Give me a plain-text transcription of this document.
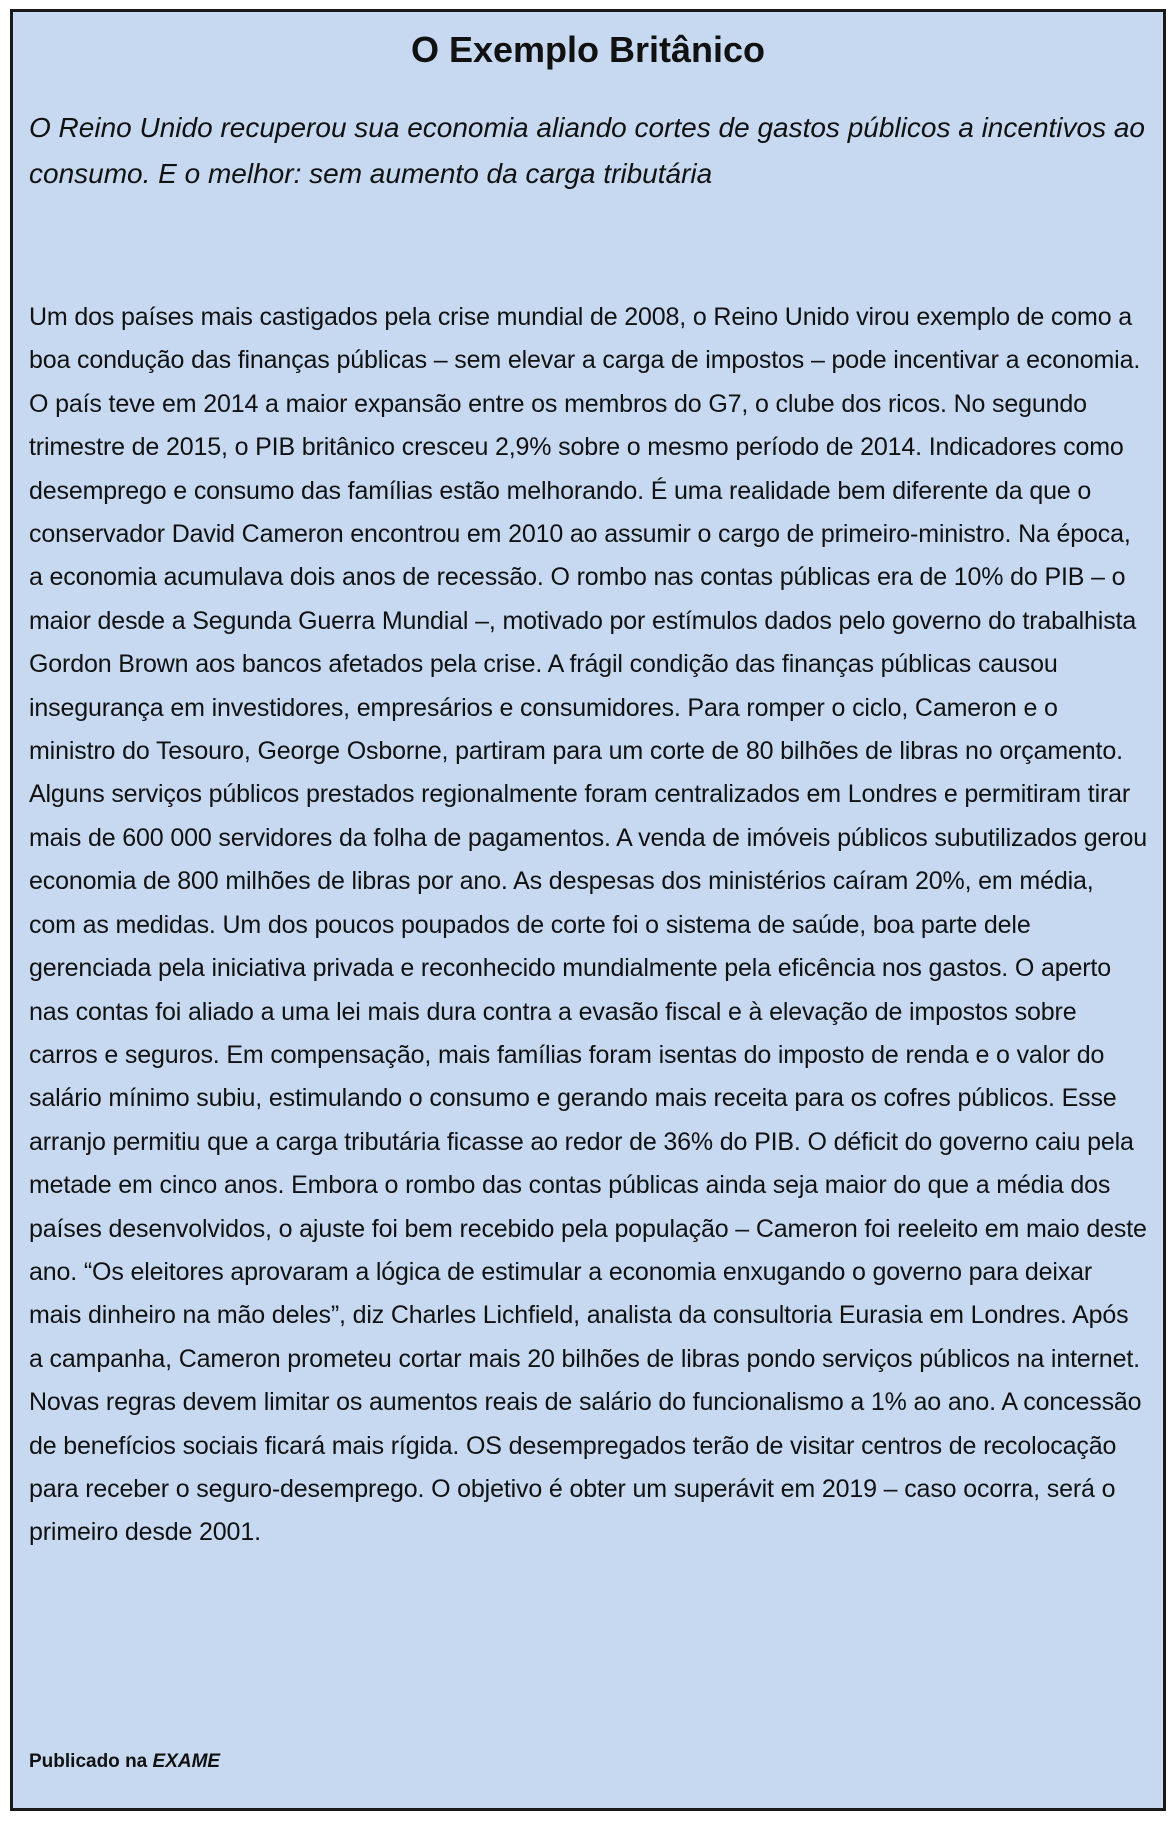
O Exemplo Britânico

O Reino Unido recuperou sua economia aliando cortes de gastos públicos a incentivos ao consumo. E o melhor: sem aumento da carga tributária

Um dos países mais castigados pela crise mundial de 2008, o Reino Unido virou exemplo de como a boa condução das finanças públicas – sem elevar a carga de impostos – pode incentivar a economia. O país teve em 2014 a maior expansão entre os membros do G7, o clube dos ricos. No segundo trimestre de 2015, o PIB britânico cresceu 2,9% sobre o mesmo período de 2014. Indicadores como desemprego e consumo das famílias estão melhorando. É uma realidade bem diferente da que o conservador David Cameron encontrou em 2010 ao assumir o cargo de primeiro-ministro. Na época, a economia acumulava dois anos de recessão. O rombo nas contas públicas era de 10% do PIB – o maior desde a Segunda Guerra Mundial –, motivado por estímulos dados pelo governo do trabalhista Gordon Brown aos bancos afetados pela crise. A frágil condição das finanças públicas causou insegurança em investidores, empresários e consumidores. Para romper o ciclo, Cameron e o ministro do Tesouro, George Osborne, partiram para um corte de 80 bilhões de libras no orçamento. Alguns serviços públicos prestados regionalmente foram centralizados em Londres e permitiram tirar mais de 600 000 servidores da folha de pagamentos. A venda de imóveis públicos subutilizados gerou economia de 800 milhões de libras por ano. As despesas dos ministérios caíram 20%, em média, com as medidas. Um dos poucos poupados de corte foi o sistema de saúde, boa parte dele gerenciada pela iniciativa privada e reconhecido mundialmente pela eficência nos gastos. O aperto nas contas foi aliado a uma lei mais dura contra a evasão fiscal e à elevação de impostos sobre carros e seguros. Em compensação, mais famílias foram isentas do imposto de renda e o valor do salário mínimo subiu, estimulando o consumo e gerando mais receita para os cofres públicos. Esse arranjo permitiu que a carga tributária ficasse ao redor de 36% do PIB. O déficit do governo caiu pela metade em cinco anos. Embora o rombo das contas públicas ainda seja maior do que a média dos países desenvolvidos, o ajuste foi bem recebido pela população – Cameron foi reeleito em maio deste ano. “Os eleitores aprovaram a lógica de estimular a economia enxugando o governo para deixar mais dinheiro na mão deles”, diz Charles Lichfield, analista da consultoria Eurasia em Londres. Após a campanha, Cameron prometeu cortar mais 20 bilhões de libras pondo serviços públicos na internet. Novas regras devem limitar os aumentos reais de salário do funcionalismo a 1% ao ano. A concessão de benefícios sociais ficará mais rígida. OS desempregados terão de visitar centros de recolocação para receber o seguro-desemprego. O objetivo é obter um superávit em 2019 – caso ocorra, será o primeiro desde 2001.

Publicado na EXAME
